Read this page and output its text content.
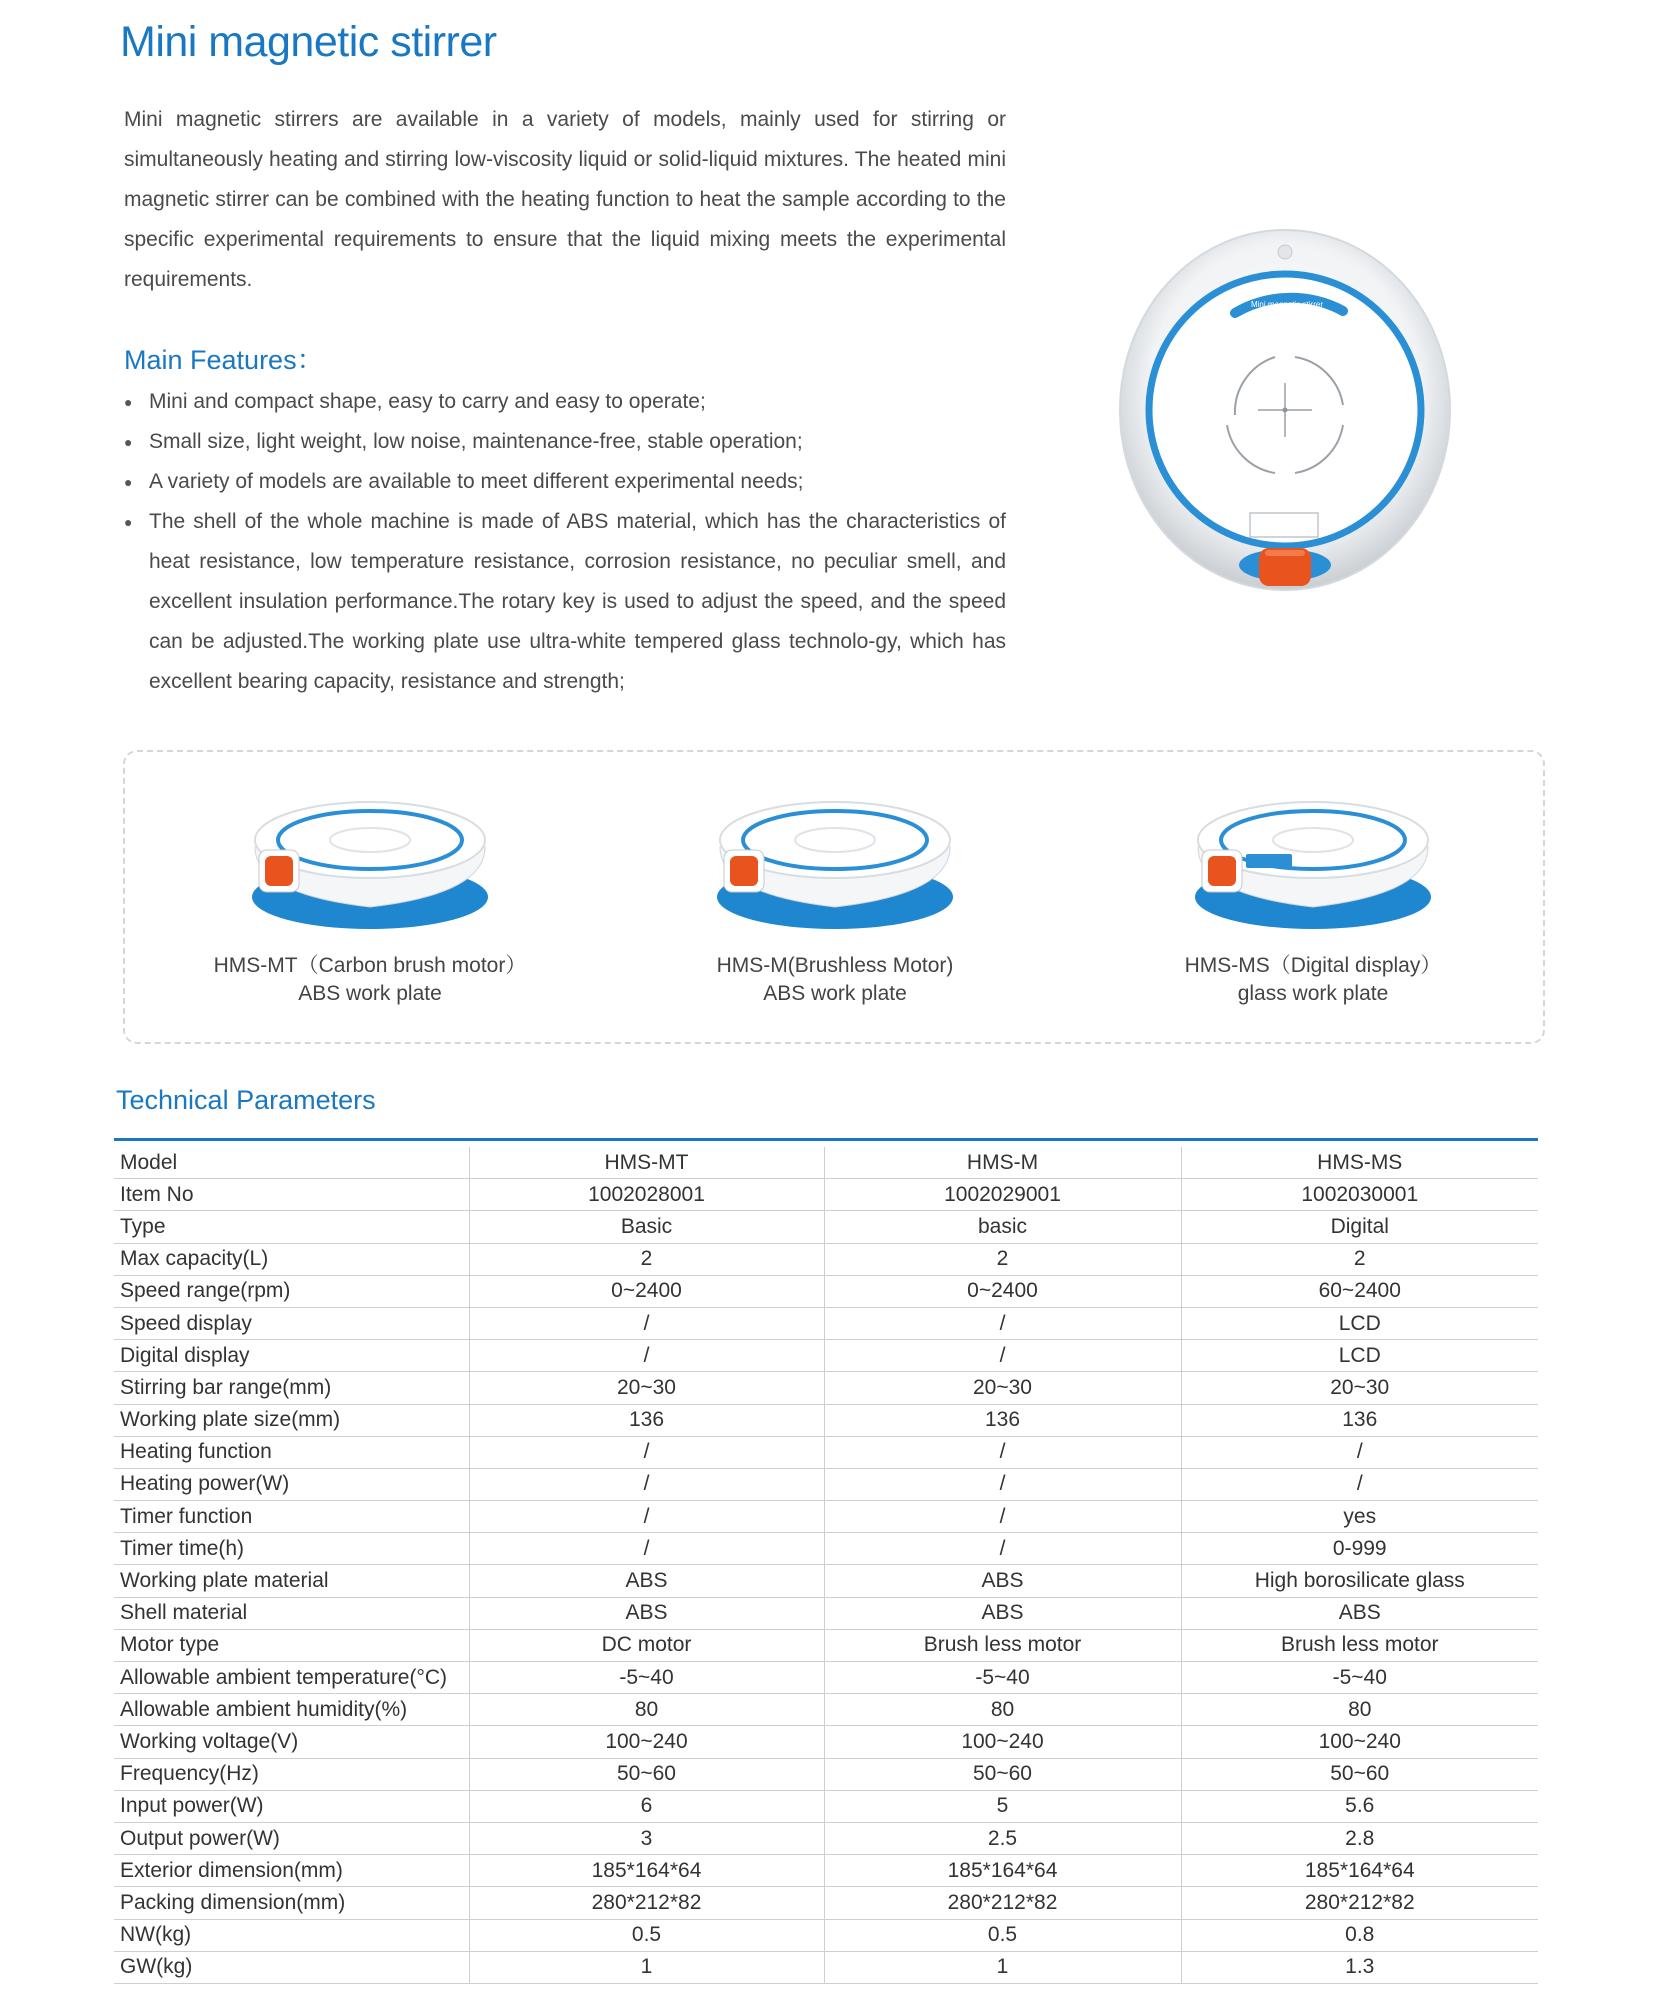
Mini magnetic stirrer

Mini magnetic stirrers are available in a variety of models, mainly used for stirring or simultaneously heating and stirring low-viscosity liquid or solid-liquid mixtures. The heated mini magnetic stirrer can be combined with the heating function to heat the sample according to the specific experimental requirements to ensure that the liquid mixing meets the experimental requirements.

Main Features：
● Mini and compact shape, easy to carry and easy to operate;
● Small size, light weight, low noise, maintenance-free, stable operation;
● A variety of models are available to meet different experimental needs;
● The shell of the whole machine is made of ABS material, which has the characteristics of heat resistance, low temperature resistance, corrosion resistance, no peculiar smell, and excellent insulation performance.The rotary key is used to adjust the speed, and the speed can be adjusted.The working plate use ultra-white tempered glass technolo-gy, which has excellent bearing capacity, resistance and strength;
Mini magnetic stirrer
HMS-MT（Carbon brush motor）
ABS work plate
HMS-M(Brushless Motor)
ABS work plate
HMS-MS（Digital display）
glass work plate
Technical Parameters
Model	HMS-MT	HMS-M	HMS-MS
Item No	1002028001	1002029001	1002030001
Type	Basic	basic	Digital
Max capacity(L)	2	2	2
Speed range(rpm)	0~2400	0~2400	60~2400
Speed display	/	/	LCD
Digital display	/	/	LCD
Stirring bar range(mm)	20~30	20~30	20~30
Working plate size(mm)	136	136	136
Heating function	/	/	/
Heating power(W)	/	/	/
Timer function	/	/	yes
Timer time(h)	/	/	0-999
Working plate material	ABS	ABS	High borosilicate glass
Shell material	ABS	ABS	ABS
Motor type	DC motor	Brush less motor	Brush less motor
Allowable ambient temperature(°C)	-5~40	-5~40	-5~40
Allowable ambient humidity(%)	80	80	80
Working voltage(V)	100~240	100~240	100~240
Frequency(Hz)	50~60	50~60	50~60
Input power(W)	6	5	5.6
Output power(W)	3	2.5	2.8
Exterior dimension(mm)	185*164*64	185*164*64	185*164*64
Packing dimension(mm)	280*212*82	280*212*82	280*212*82
NW(kg)	0.5	0.5	0.8
GW(kg)	1	1	1.3
